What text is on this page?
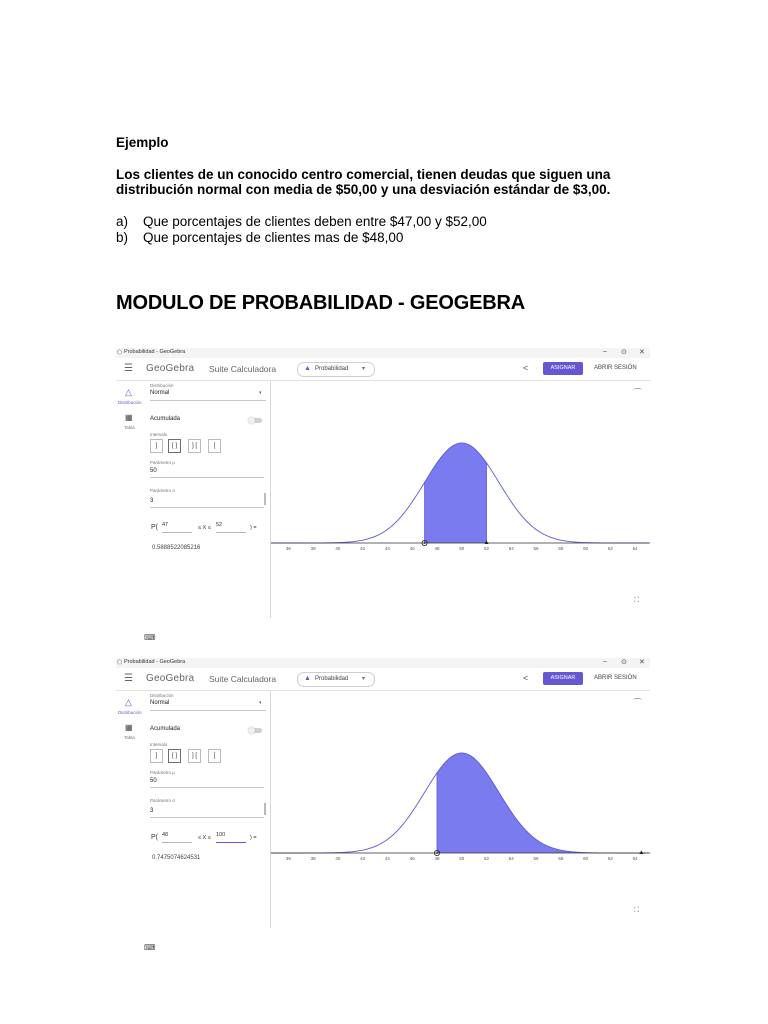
Ejemplo
Los clientes de un conocido centro comercial, tienen deudas que siguen una distribución normal con media de $50,00 y una desviación estándar de $3,00.
a) Que porcentajes de clientes deben entre $47,00 y $52,00
b) Que porcentajes de clientes mas de $48,00
MODULO DE PROBABILIDAD - GEOGEBRA
⬠ Probabilidad - GeoGebra	– ⊙ ✕
☰ GeoGebra Suite Calculadora	▲ Probabilidad ▾	<	ASIGNAR	ABRIR SESIÓN
△
Distribución
▦
Tabla
⌨
Distribución
Normal	▾
Acumulada
Intervalo
]	[ ]	] [	[
Parámetro μ
50
Parámetro σ
3
P( 47	≤ X ≤ 52	) =
0.5888522085216	36	38	40	42	44	46	48	50	52	54	56	58	60	62	64
⌒
⛶
⬠ Probabilidad - GeoGebra	– ⊙ ✕
☰ GeoGebra Suite Calculadora	▲ Probabilidad ▾	<	ASIGNAR	ABRIR SESIÓN
△
Distribución
▦
Tabla
⌨
Distribución
Normal	▾
Acumulada
Intervalo
]	[ ]	] [	[
Parámetro μ
50
Parámetro σ
3
P( 48	≤ X ≤ 100	) =
0.7475074624531	36	38	40	42	44	46	48	50	52	54	56	58	60	62	64
⌒
⛶
